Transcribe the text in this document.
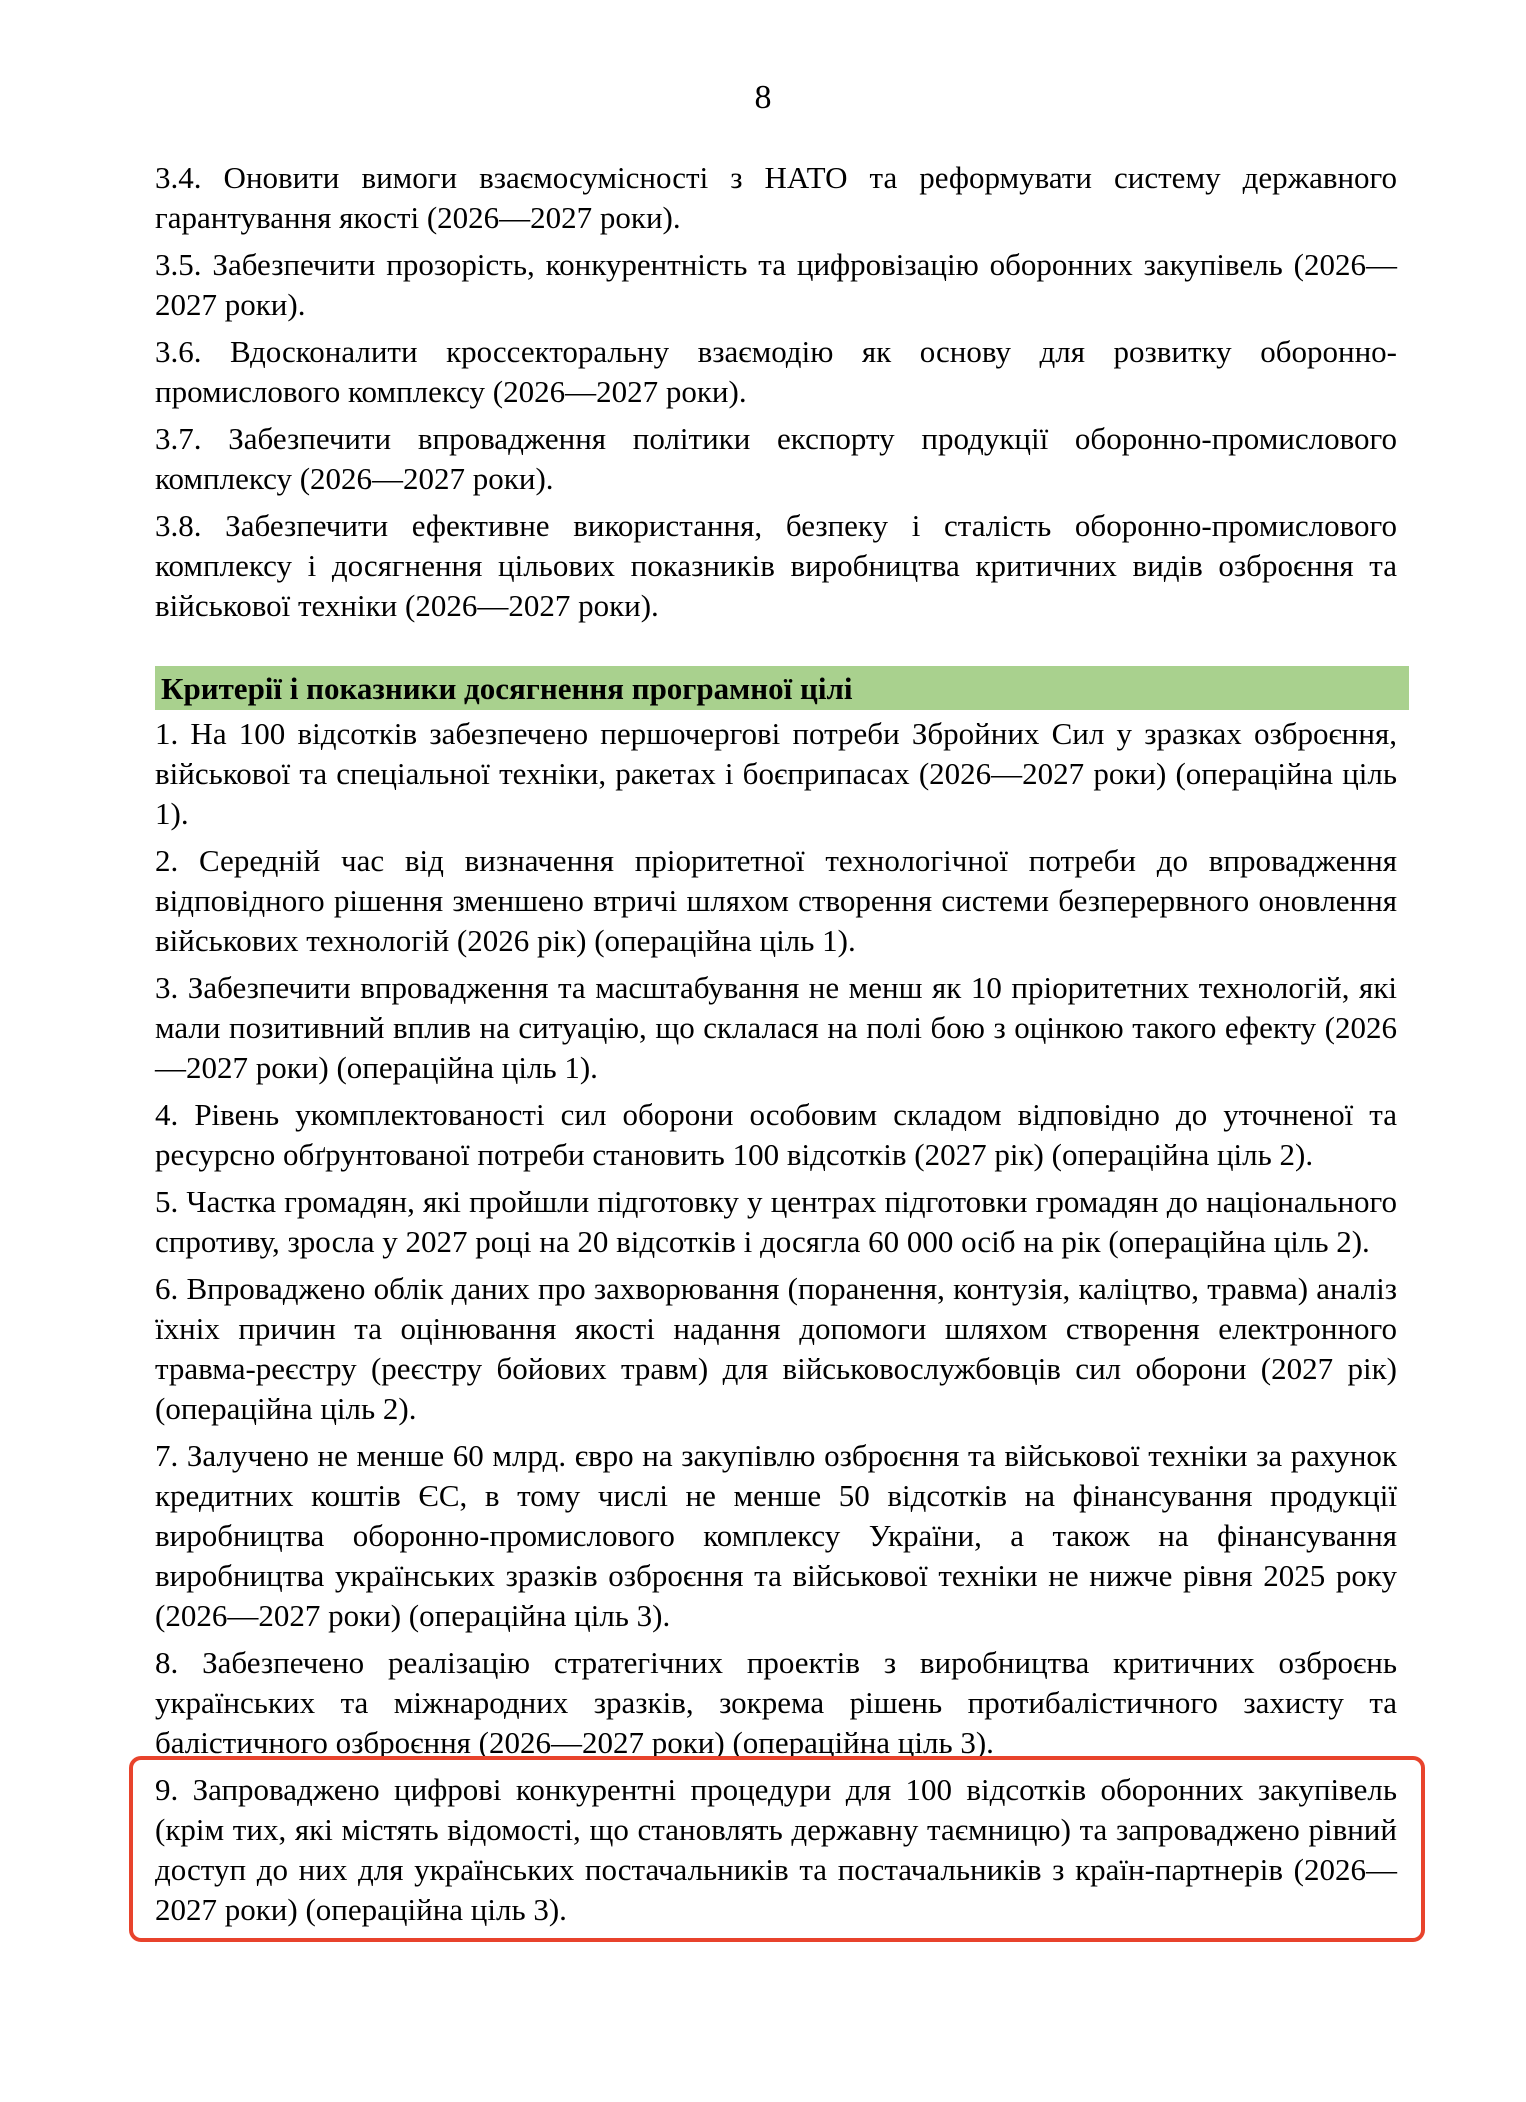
8

3.4. Оновити вимоги взаємосумісності з НАТО та реформувати систему державного гарантування якості (2026—2027 роки).

3.5. Забезпечити прозорість, конкурентність та цифровізацію оборонних закупівель (2026—2027 роки).

3.6. Вдосконалити кроссекторальну взаємодію як основу для розвитку оборонно-промислового комплексу (2026—2027 роки).

3.7. Забезпечити впровадження політики експорту продукції оборонно-промислового комплексу (2026—2027 роки).

3.8. Забезпечити ефективне використання, безпеку і сталість оборонно-промислового комплексу і досягнення цільових показників виробництва критичних видів озброєння та військової техніки (2026—2027 роки).

Критерії і показники досягнення програмної цілі

1. На 100 відсотків забезпечено першочергові потреби Збройних Сил у зразках озброєння, військової та спеціальної техніки, ракетах і боєприпасах (2026—2027 роки) (операційна ціль 1).

2. Середній час від визначення пріоритетної технологічної потреби до впровадження відповідного рішення зменшено втричі шляхом створення системи безперервного оновлення військових технологій (2026 рік) (операційна ціль 1).

3. Забезпечити впровадження та масштабування не менш як 10 пріоритетних технологій, які мали позитивний вплив на ситуацію, що склалася на полі бою з оцінкою такого ефекту (2026—2027 роки) (операційна ціль 1).

4. Рівень укомплектованості сил оборони особовим складом відповідно до уточненої та ресурсно обґрунтованої потреби становить 100 відсотків (2027 рік) (операційна ціль 2).

5. Частка громадян, які пройшли підготовку у центрах підготовки громадян до національного спротиву, зросла у 2027 році на 20 відсотків і досягла 60 000 осіб на рік (операційна ціль 2).

6. Впроваджено облік даних про захворювання (поранення, контузія, каліцтво, травма) аналіз їхніх причин та оцінювання якості надання допомоги шляхом створення електронного травма-реєстру (реєстру бойових травм) для військовослужбовців сил оборони (2027 рік) (операційна ціль 2).

7. Залучено не менше 60 млрд. євро на закупівлю озброєння та військової техніки за рахунок кредитних коштів ЄС, в тому числі не менше 50 відсотків на фінансування продукції виробництва оборонно-промислового комплексу України, а також на фінансування виробництва українських зразків озброєння та військової техніки не нижче рівня 2025 року (2026—2027 роки) (операційна ціль 3).

8. Забезпечено реалізацію стратегічних проектів з виробництва критичних озброєнь українських та міжнародних зразків, зокрема рішень протибалістичного захисту та балістичного озброєння (2026—2027 роки) (операційна ціль 3).

9. Запроваджено цифрові конкурентні процедури для 100 відсотків оборонних закупівель (крім тих, які містять відомості, що становлять державну таємницю) та запроваджено рівний доступ до них для українських постачальників та постачальників з країн-партнерів (2026—2027 роки) (операційна ціль 3).
